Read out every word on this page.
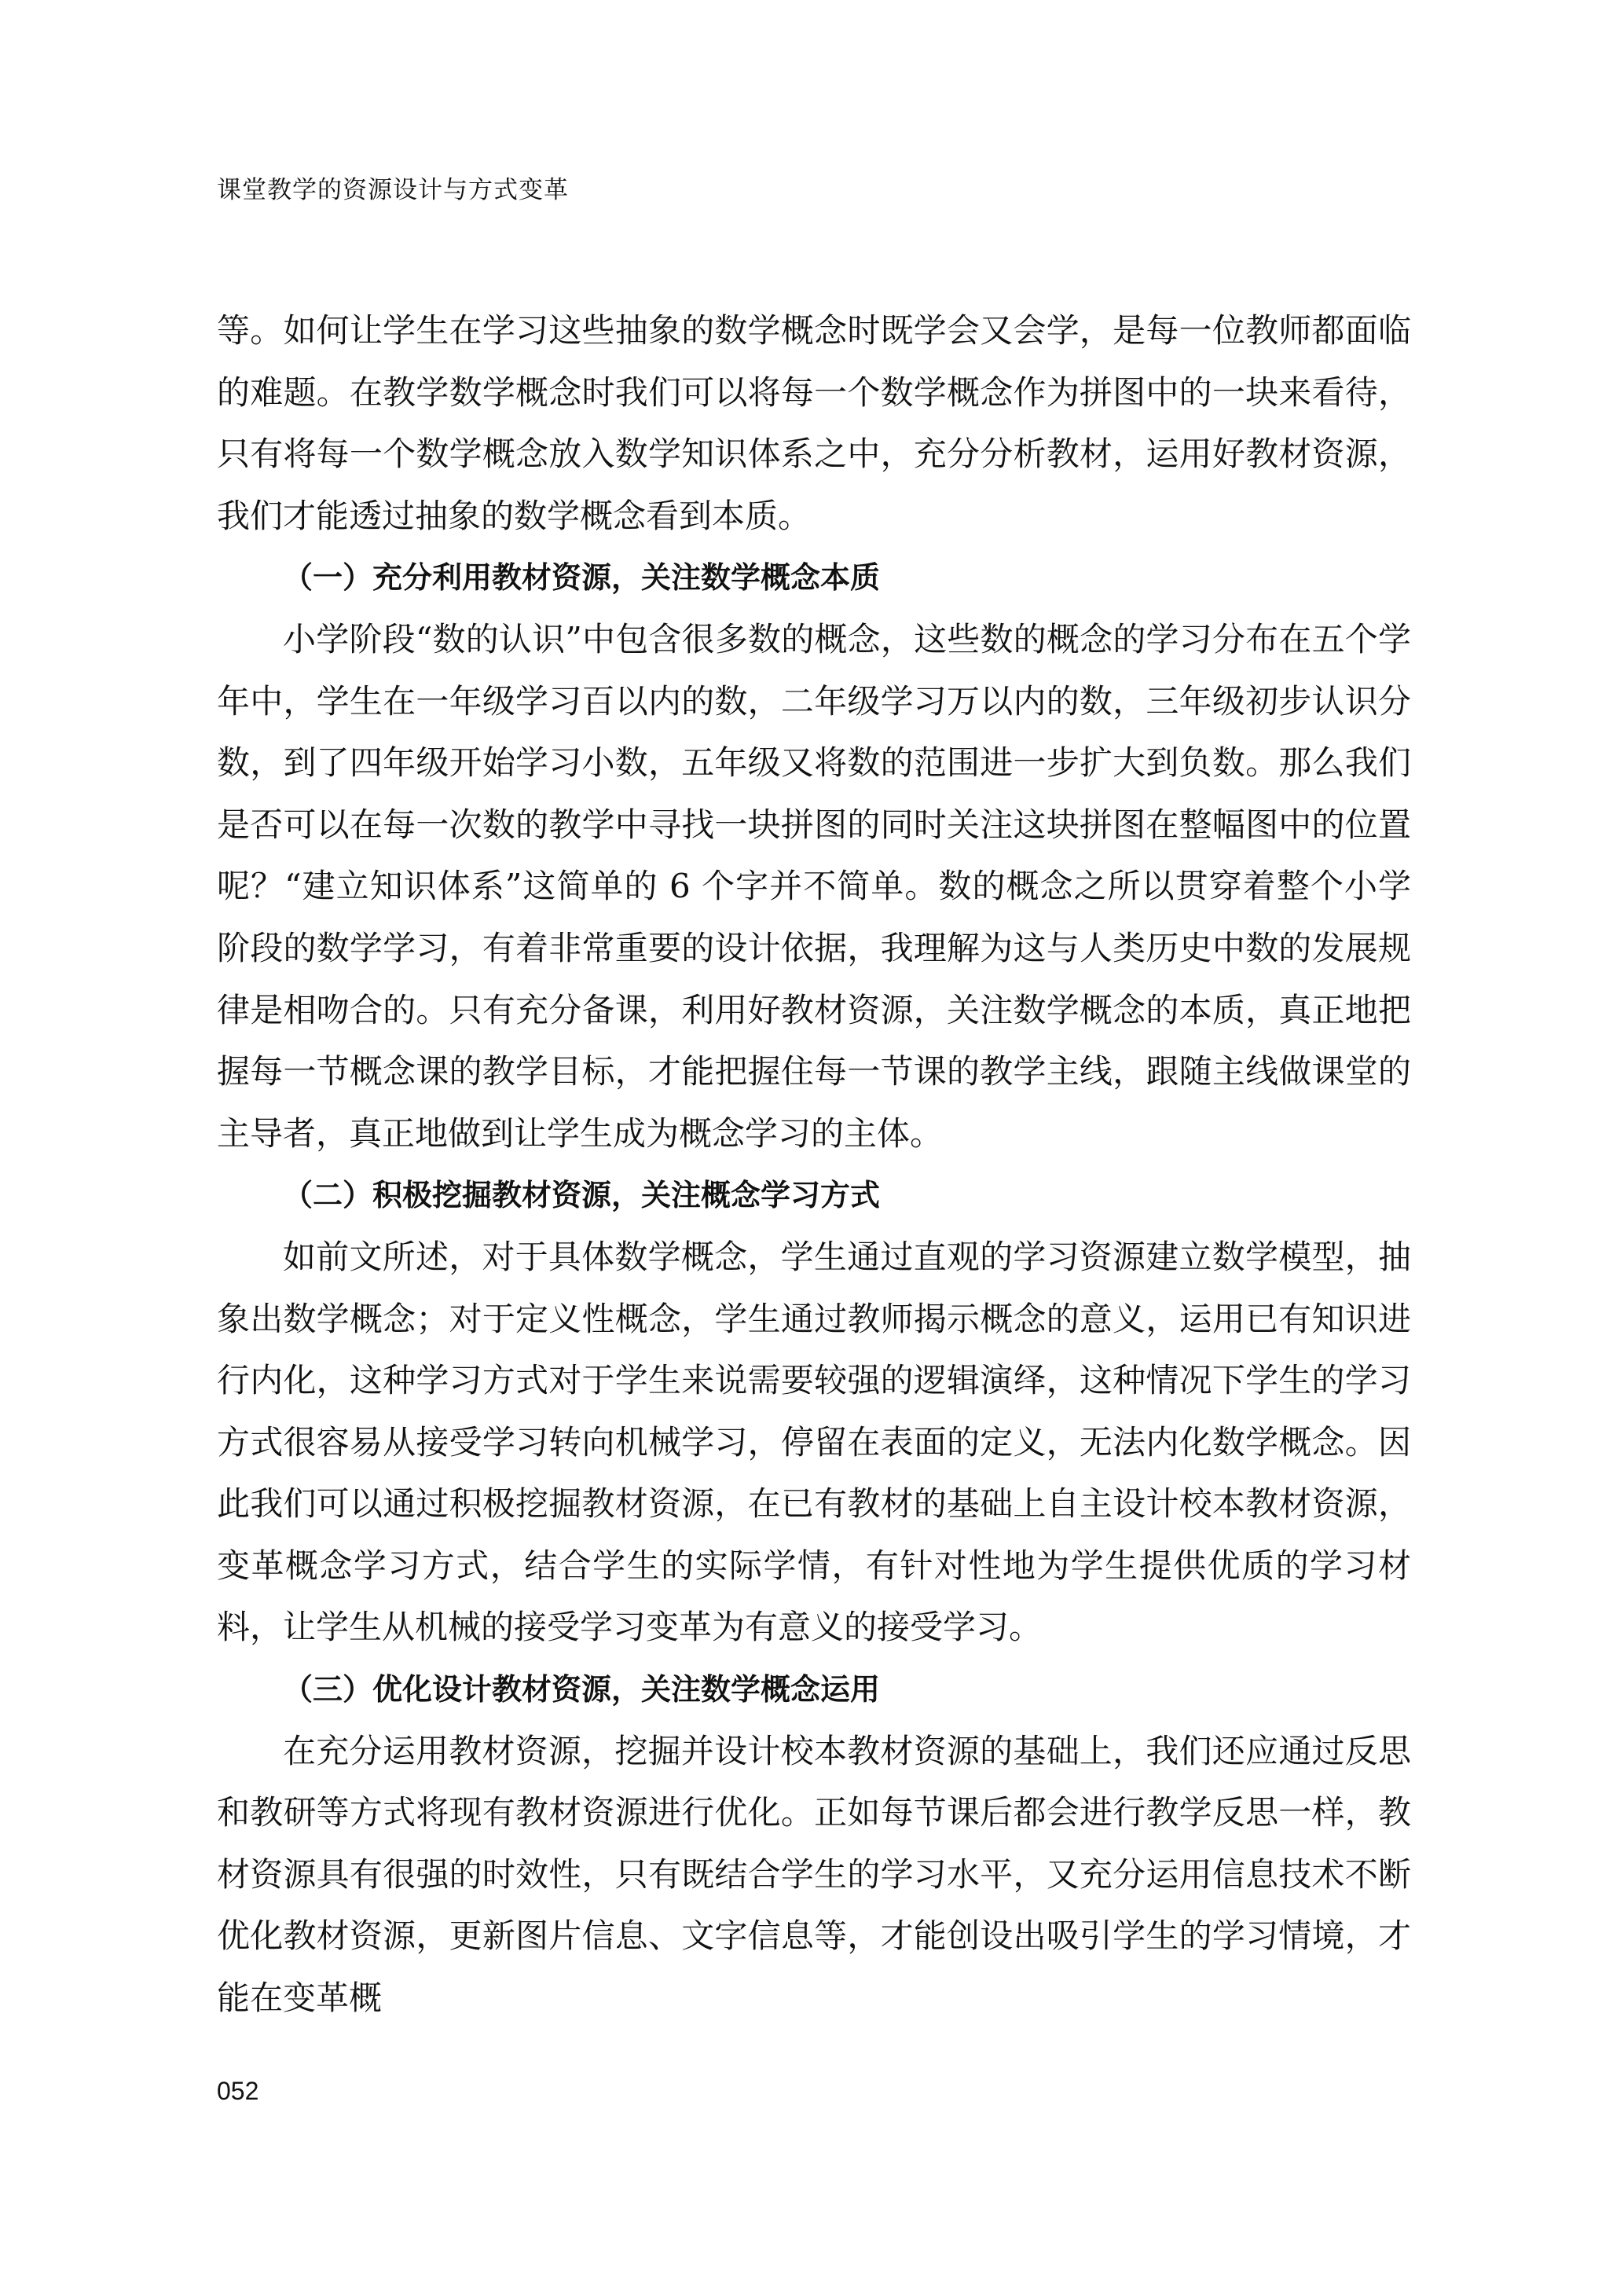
课堂教学的资源设计与方式变革

等。如何让学生在学习这些抽象的数学概念时既学会又会学，是每一位教师都面临的难题。在教学数学概念时我们可以将每一个数学概念作为拼图中的一块来看待，只有将每一个数学概念放入数学知识体系之中，充分分析教材，运用好教材资源，我们才能透过抽象的数学概念看到本质。

（一）充分利用教材资源，关注数学概念本质

小学阶段“数的认识”中包含很多数的概念，这些数的概念的学习分布在五个学年中，学生在一年级学习百以内的数，二年级学习万以内的数，三年级初步认识分数，到了四年级开始学习小数，五年级又将数的范围进一步扩大到负数。那么我们是否可以在每一次数的教学中寻找一块拼图的同时关注这块拼图在整幅图中的位置呢？“建立知识体系”这简单的 6 个字并不简单。数的概念之所以贯穿着整个小学阶段的数学学习，有着非常重要的设计依据，我理解为这与人类历史中数的发展规律是相吻合的。只有充分备课，利用好教材资源，关注数学概念的本质，真正地把握每一节概念课的教学目标，才能把握住每一节课的教学主线，跟随主线做课堂的主导者，真正地做到让学生成为概念学习的主体。

（二）积极挖掘教材资源，关注概念学习方式

如前文所述，对于具体数学概念，学生通过直观的学习资源建立数学模型，抽象出数学概念；对于定义性概念，学生通过教师揭示概念的意义，运用已有知识进行内化，这种学习方式对于学生来说需要较强的逻辑演绎，这种情况下学生的学习方式很容易从接受学习转向机械学习，停留在表面的定义，无法内化数学概念。因此我们可以通过积极挖掘教材资源，在已有教材的基础上自主设计校本教材资源，变革概念学习方式，结合学生的实际学情，有针对性地为学生提供优质的学习材料，让学生从机械的接受学习变革为有意义的接受学习。

（三）优化设计教材资源，关注数学概念运用

在充分运用教材资源，挖掘并设计校本教材资源的基础上，我们还应通过反思和教研等方式将现有教材资源进行优化。正如每节课后都会进行教学反思一样，教材资源具有很强的时效性，只有既结合学生的学习水平，又充分运用信息技术不断优化教材资源，更新图片信息、文字信息等，才能创设出吸引学生的学习情境，才能在变革概

052
